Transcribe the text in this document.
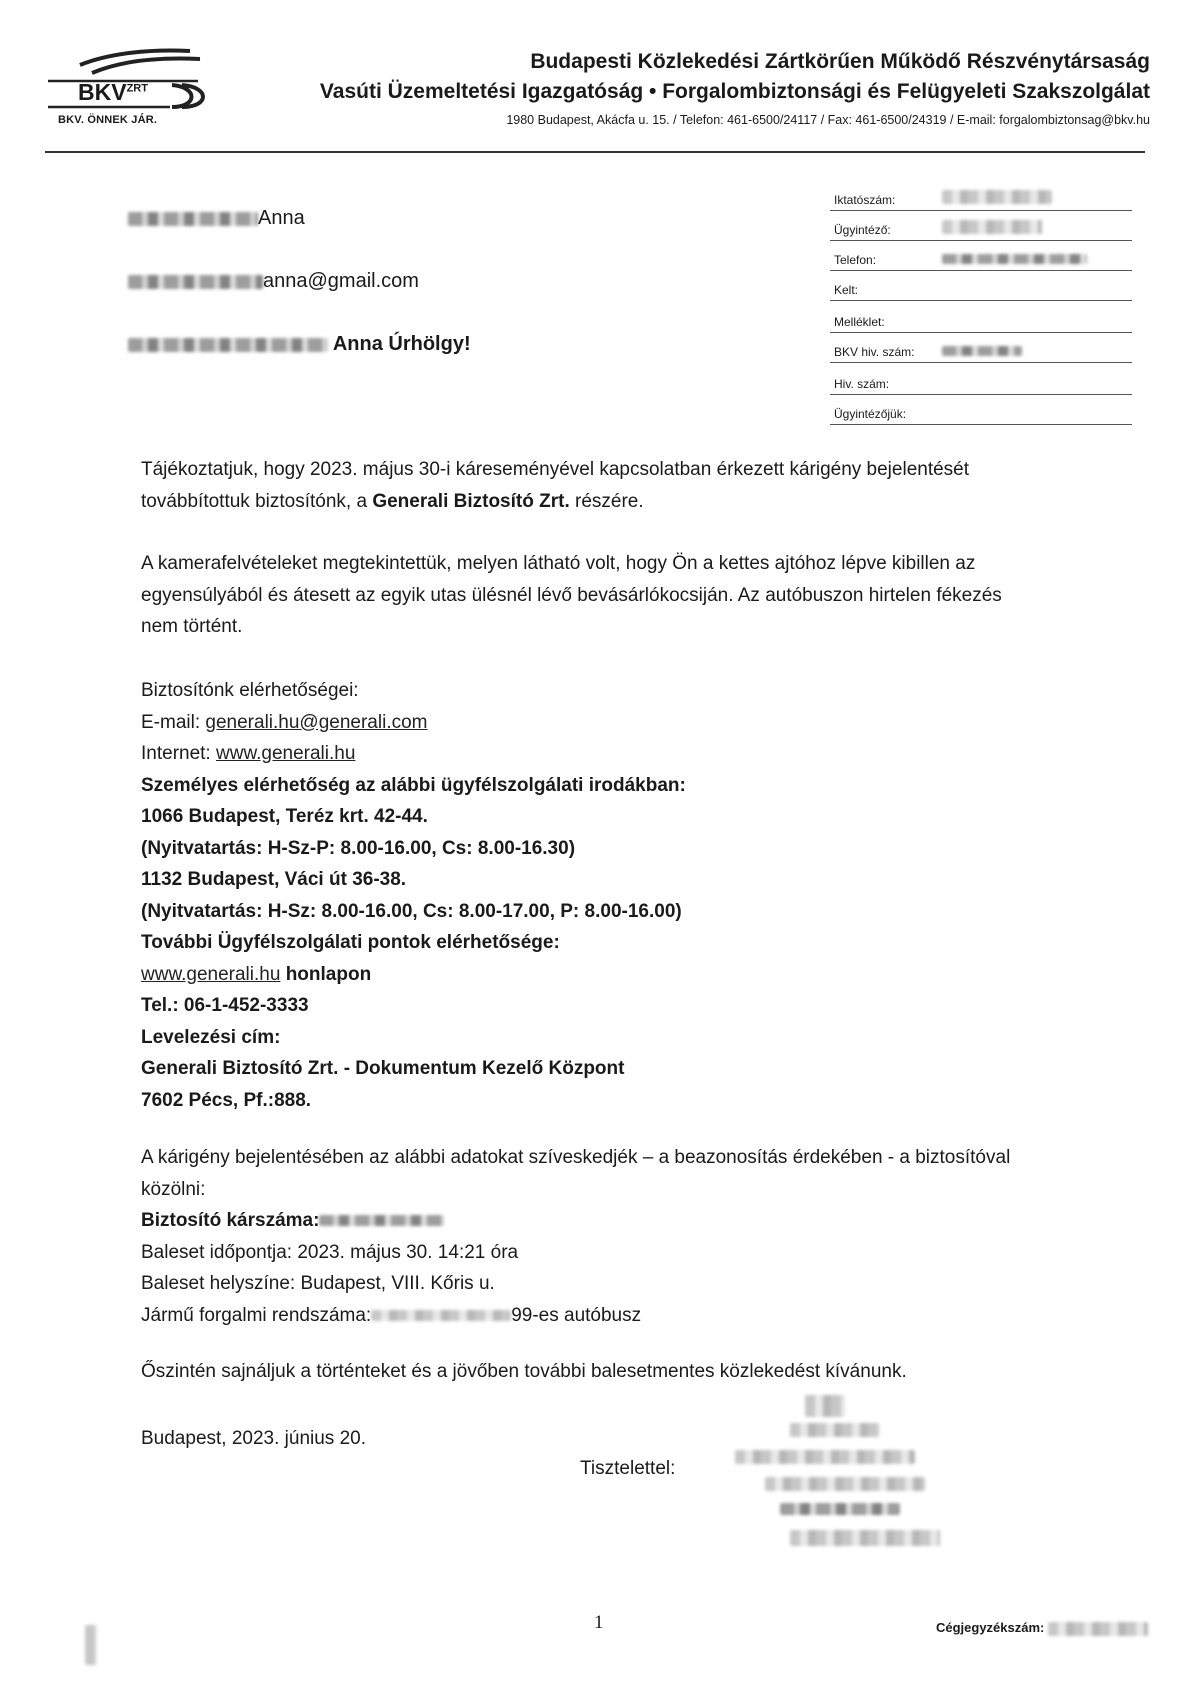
$BKV^{ZRT}$
BKV. ÖNNEK JÁR.
Budapesti Közlekedési Zártkörűen Működő Részvénytársaság
Vasúti Üzemeltetési Igazgatóság • Forgalombiztonsági és Felügyeleti Szakszolgálat
1980 Budapest, Akácfa u. 15. / Telefon: 461-6500/24117 / Fax: 461-6500/24319 / E-mail: forgalombiztonsag@bkv.hu
Anna
anna@gmail.com
Anna Úrhölgy!
Iktatószám:
Ügyintéző:
Telefon:
Kelt:
Melléklet:
BKV hiv. szám:
Hiv. szám:
Ügyintézőjük:
Tájékoztatjuk, hogy 2023. május 30-i káreseményével kapcsolatban érkezett kárigény bejelentését
továbbítottuk biztosítónk, a Generali Biztosító Zrt. részére.
A kamerafelvételeket megtekintettük, melyen látható volt, hogy Ön a kettes ajtóhoz lépve kibillen az
egyensúlyából és átesett az egyik utas ülésnél lévő bevásárlókocsiján. Az autóbuszon hirtelen fékezés
nem történt.
Biztosítónk elérhetőségei:
E-mail: generali.hu@generali.com
Internet: www.generali.hu
Személyes elérhetőség az alábbi ügyfélszolgálati irodákban:
1066 Budapest, Teréz krt. 42-44.
(Nyitvatartás: H-Sz-P: 8.00-16.00, Cs: 8.00-16.30)
1132 Budapest, Váci út 36-38.
(Nyitvatartás: H-Sz: 8.00-16.00, Cs: 8.00-17.00, P: 8.00-16.00)
További Ügyfélszolgálati pontok elérhetősége:
www.generali.hu honlapon
Tel.: 06-1-452-3333
Levelezési cím:
Generali Biztosító Zrt. - Dokumentum Kezelő Központ
7602 Pécs, Pf.:888.
A kárigény bejelentésében az alábbi adatokat szíveskedjék – a beazonosítás érdekében - a biztosítóval
közölni:
Biztosító kárszáma:
Baleset időpontja: 2023. május 30. 14:21 óra
Baleset helyszíne: Budapest, VIII. Kőris u.
Jármű forgalmi rendszáma:	99-es autóbusz
Őszintén sajnáljuk a történteket és a jövőben további balesetmentes közlekedést kívánunk.
Budapest, 2023. június 20.
Tisztelettel:
1	Cégjegyzékszám:
